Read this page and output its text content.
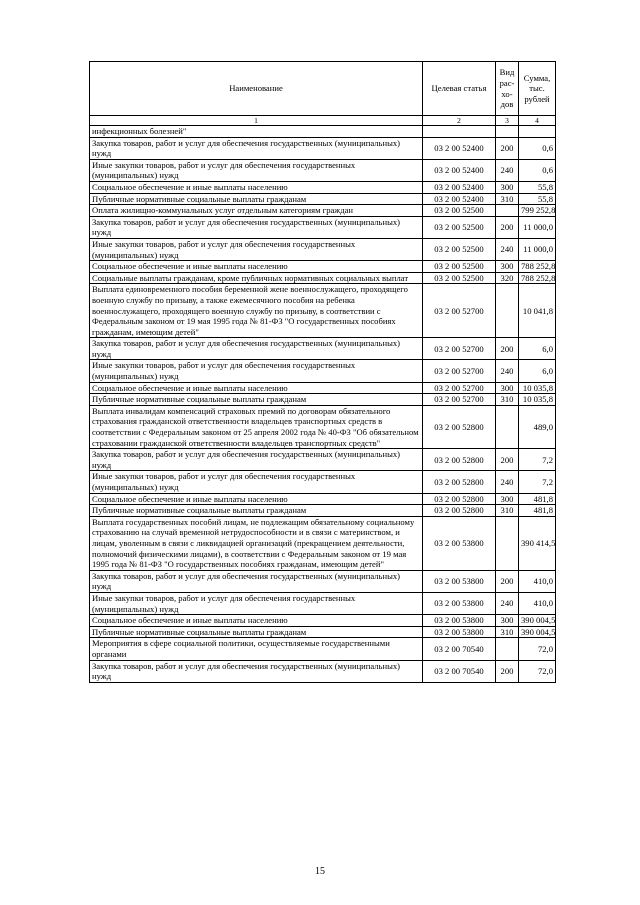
Наименование	Целевая статья	Вид рас- хо- дов	Сумма, тыс. рублей
1	2	3	4
инфекционных болезней"			
Закупка товаров, работ и услуг для обеспечения государственных (муниципальных) нужд	03 2 00 52400	200	0,6
Иные закупки товаров, работ и услуг для обеспечения государственных (муниципальных) нужд	03 2 00 52400	240	0,6
Социальное обеспечение и иные выплаты населению	03 2 00 52400	300	55,8
Публичные нормативные социальные выплаты гражданам	03 2 00 52400	310	55,8
Оплата жилищно-коммунальных услуг отдельным категориям граждан	03 2 00 52500		799 252,8
Закупка товаров, работ и услуг для обеспечения государственных (муниципальных) нужд	03 2 00 52500	200	11 000,0
Иные закупки товаров, работ и услуг для обеспечения государственных (муниципальных) нужд	03 2 00 52500	240	11 000,0
Социальное обеспечение и иные выплаты населению	03 2 00 52500	300	788 252,8
Социальные выплаты гражданам, кроме публичных нормативных социальных выплат	03 2 00 52500	320	788 252,8
Выплата единовременного пособия беременной жене военнослужащего, проходящего военную службу по призыву, а также ежемесячного пособия на ребенка военнослужащего, проходящего военную службу по призыву, в соответствии с Федеральным законом от 19 мая 1995 года № 81-ФЗ "О государственных пособиях гражданам, имеющим детей"	03 2 00 52700		10 041,8
Закупка товаров, работ и услуг для обеспечения государственных (муниципальных) нужд	03 2 00 52700	200	6,0
Иные закупки товаров, работ и услуг для обеспечения государственных (муниципальных) нужд	03 2 00 52700	240	6,0
Социальное обеспечение и иные выплаты населению	03 2 00 52700	300	10 035,8
Публичные нормативные социальные выплаты гражданам	03 2 00 52700	310	10 035,8
Выплата инвалидам компенсаций страховых премий по договорам обязательного страхования гражданской ответственности владельцев транспортных средств в соответствии с Федеральным законом от 25 апреля 2002 года № 40-ФЗ "Об обязательном страховании гражданской ответственности владельцев транспортных средств"	03 2 00 52800		489,0
Закупка товаров, работ и услуг для обеспечения государственных (муниципальных) нужд	03 2 00 52800	200	7,2
Иные закупки товаров, работ и услуг для обеспечения государственных (муниципальных) нужд	03 2 00 52800	240	7,2
Социальное обеспечение и иные выплаты населению	03 2 00 52800	300	481,8
Публичные нормативные социальные выплаты гражданам	03 2 00 52800	310	481,8
Выплата государственных пособий лицам, не подлежащим обязательному социальному страхованию на случай временной нетрудоспособности и в связи с материнством, и лицам, уволенным в связи с ликвидацией организаций (прекращением деятельности, полномочий физическими лицами), в соответствии с Федеральным законом от 19 мая 1995 года № 81-ФЗ "О государственных пособиях гражданам, имеющим детей"	03 2 00 53800		390 414,5
Закупка товаров, работ и услуг для обеспечения государственных (муниципальных) нужд	03 2 00 53800	200	410,0
Иные закупки товаров, работ и услуг для обеспечения государственных (муниципальных) нужд	03 2 00 53800	240	410,0
Социальное обеспечение и иные выплаты населению	03 2 00 53800	300	390 004,5
Публичные нормативные социальные выплаты гражданам	03 2 00 53800	310	390 004,5
Мероприятия в сфере социальной политики, осуществляемые государственными органами	03 2 00 70540		72,0
Закупка товаров, работ и услуг для обеспечения государственных (муниципальных) нужд	03 2 00 70540	200	72,0
15
